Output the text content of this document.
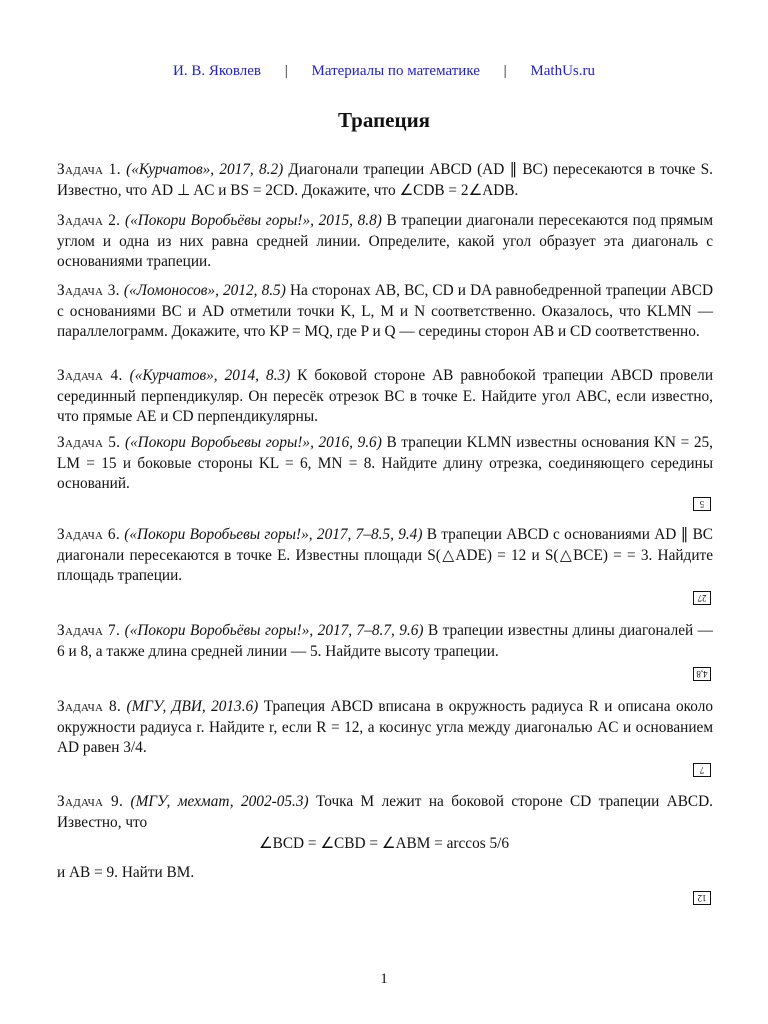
И. В. Яковлев | Материалы по математике | MathUs.ru
Трапеция
Задача 1. («Курчатов», 2017, 8.2) Диагонали трапеции ABCD (AD ∥ BC) пересекаются в точке S. Известно, что AD ⊥ AC и BS = 2CD. Докажите, что ∠CDB = 2∠ADB.
Задача 2. («Покори Воробьёвы горы!», 2015, 8.8) В трапеции диагонали пересекаются под прямым углом и одна из них равна средней линии. Определите, какой угол образует эта диагональ с основаниями трапеции.
Задача 3. («Ломоносов», 2012, 8.5) На сторонах AB, BC, CD и DA равнобедренной трапеции ABCD с основаниями BC и AD отметили точки K, L, M и N соответственно. Оказалось, что KLMN — параллелограмм. Докажите, что KP = MQ, где P и Q — середины сторон AB и CD соответственно.
Задача 4. («Курчатов», 2014, 8.3) К боковой стороне AB равнобокой трапеции ABCD провели серединный перпендикуляр. Он пересёк отрезок BC в точке E. Найдите угол ABC, если известно, что прямые AE и CD перпендикулярны.
Задача 5. («Покори Воробьевы горы!», 2016, 9.6) В трапеции KLMN известны основания KN = 25, LM = 15 и боковые стороны KL = 6, MN = 8. Найдите длину отрезка, соединяющего середины оснований.
5
Задача 6. («Покори Воробьевы горы!», 2017, 7–8.5, 9.4) В трапеции ABCD с основаниями AD ∥ BC диагонали пересекаются в точке E. Известны площади S(△ADE) = 12 и S(△BCE) = = 3. Найдите площадь трапеции.
27
Задача 7. («Покори Воробьёвы горы!», 2017, 7–8.7, 9.6) В трапеции известны длины диагоналей — 6 и 8, а также длина средней линии — 5. Найдите высоту трапеции.
4,8
Задача 8. (МГУ, ДВИ, 2013.6) Трапеция ABCD вписана в окружность радиуса R и описана около окружности радиуса r. Найдите r, если R = 12, а косинус угла между диагональю AC и основанием AD равен 3/4.
7
Задача 9. (МГУ, мехмат, 2002-05.3) Точка M лежит на боковой стороне CD трапеции ABCD. Известно, что
∠BCD = ∠CBD = ∠ABM = arccos 5/6
и AB = 9. Найти BM.
12
1
